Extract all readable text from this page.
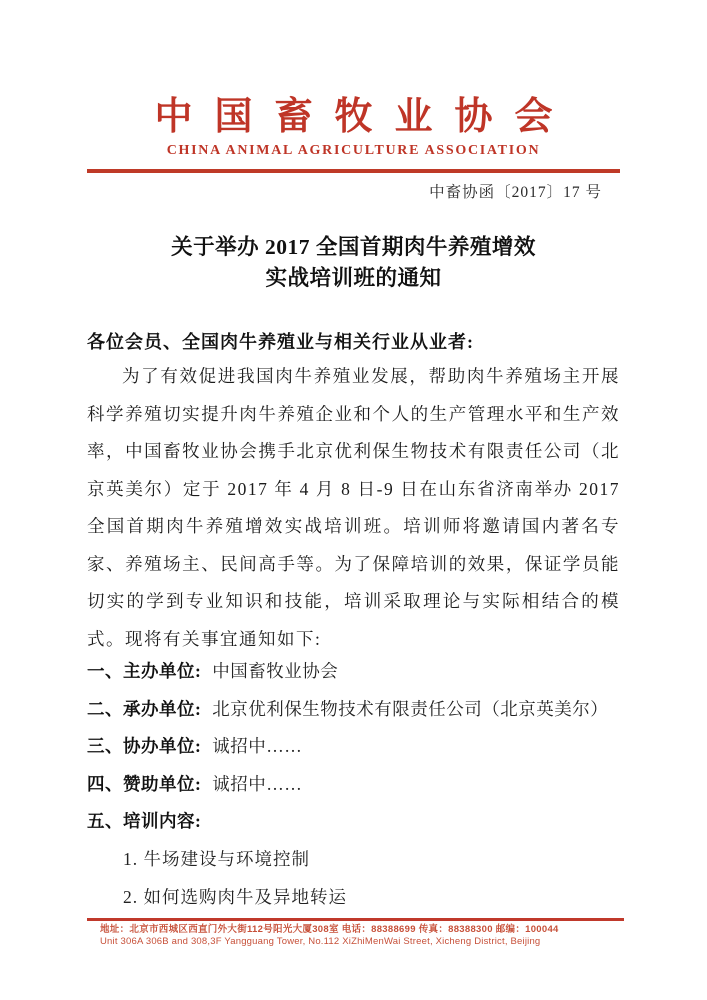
中国畜牧业协会
CHINA ANIMAL AGRICULTURE ASSOCIATION
中畜协函〔2017〕17 号
关于举办 2017 全国首期肉牛养殖增效
实战培训班的通知
各位会员、全国肉牛养殖业与相关行业从业者:
为了有效促进我国肉牛养殖业发展，帮助肉牛养殖场主开展科学养殖切实提升肉牛养殖企业和个人的生产管理水平和生产效率，中国畜牧业协会携手北京优利保生物技术有限责任公司（北京英美尔）定于 2017 年 4 月 8 日-9 日在山东省济南举办 2017 全国首期肉牛养殖增效实战培训班。培训师将邀请国内著名专家、养殖场主、民间高手等。为了保障培训的效果，保证学员能切实的学到专业知识和技能，培训采取理论与实际相结合的模式。现将有关事宜通知如下:
一、主办单位: 中国畜牧业协会
二、承办单位: 北京优利保生物技术有限责任公司（北京英美尔）
三、协办单位: 诚招中……
四、赞助单位: 诚招中……
五、培训内容:
1. 牛场建设与环境控制
2. 如何选购肉牛及异地转运
地址：北京市西城区西直门外大街112号阳光大厦308室 电话：88388699 传真：88388300 邮编：100044
Unit 306A 306B and 308,3F Yangguang Tower, No.112 XiZhiMenWai Street, Xicheng District, Beijing
